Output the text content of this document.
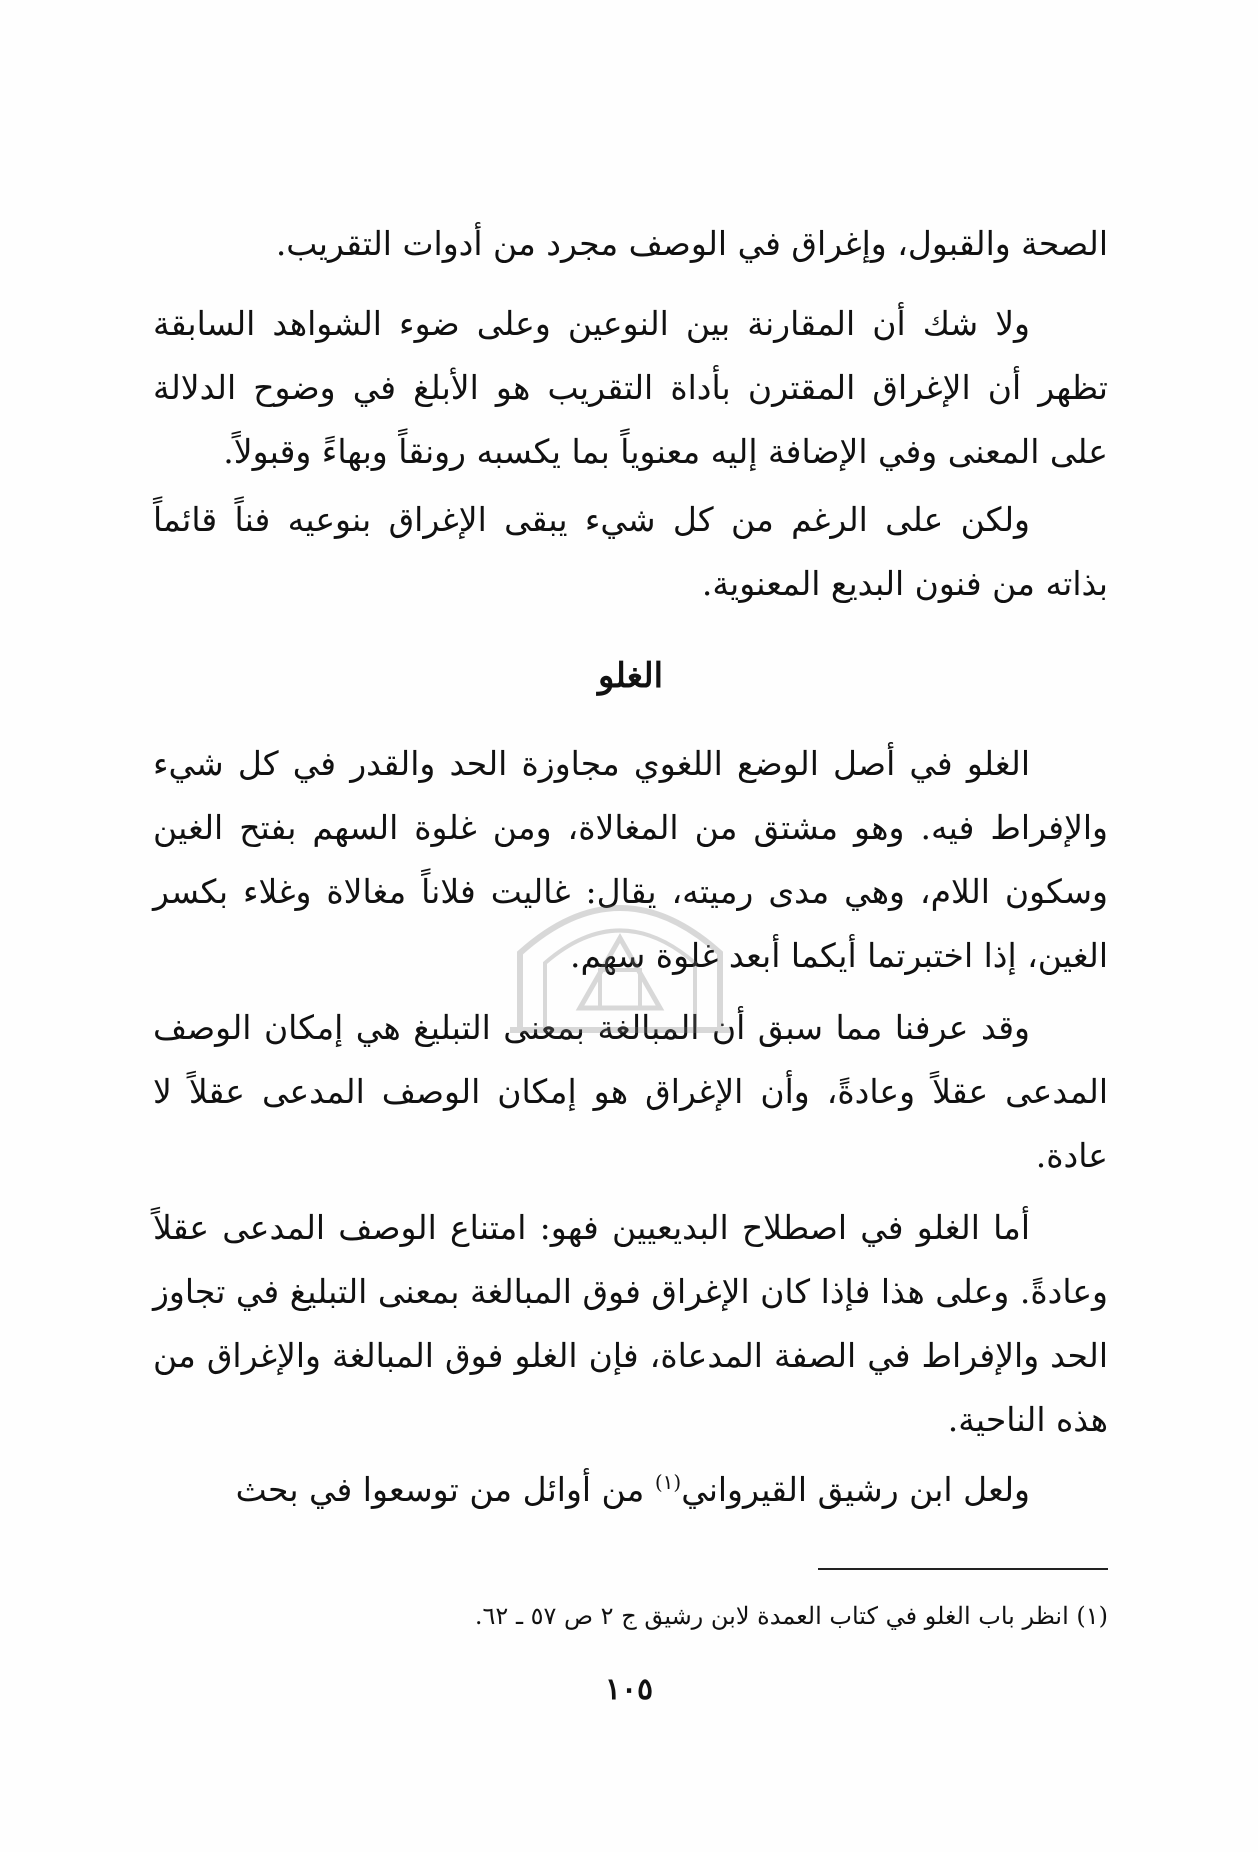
الصحة والقبول، وإغراق في الوصف مجرد من أدوات التقريب.

ولا شك أن المقارنة بين النوعين وعلى ضوء الشواهد السابقة تظهر أن الإغراق المقترن بأداة التقريب هو الأبلغ في وضوح الدلالة على المعنى وفي الإضافة إليه معنوياً بما يكسبه رونقاً وبهاءً وقبولاً.

ولكن على الرغم من كل شيء يبقى الإغراق بنوعيه فناً قائماً بذاته من فنون البديع المعنوية.

الغلو

الغلو في أصل الوضع اللغوي مجاوزة الحد والقدر في كل شيء والإفراط فيه. وهو مشتق من المغالاة، ومن غلوة السهم بفتح الغين وسكون اللام، وهي مدى رميته، يقال: غاليت فلاناً مغالاة وغلاء بكسر الغين، إذا اختبرتما أيكما أبعد غلوة سهم.

وقد عرفنا مما سبق أن المبالغة بمعنى التبليغ هي إمكان الوصف المدعى عقلاً وعادةً، وأن الإغراق هو إمكان الوصف المدعى عقلاً لا عادة.

أما الغلو في اصطلاح البديعيين فهو: امتناع الوصف المدعى عقلاً وعادةً. وعلى هذا فإذا كان الإغراق فوق المبالغة بمعنى التبليغ في تجاوز الحد والإفراط في الصفة المدعاة، فإن الغلو فوق المبالغة والإغراق من هذه الناحية.

ولعل ابن رشيق القيرواني$^{(١)}$ من أوائل من توسعوا في بحث

(١) انظر باب الغلو في كتاب العمدة لابن رشيق ج ٢ ص ٥٧ ـ ٦٢.

١٠٥
